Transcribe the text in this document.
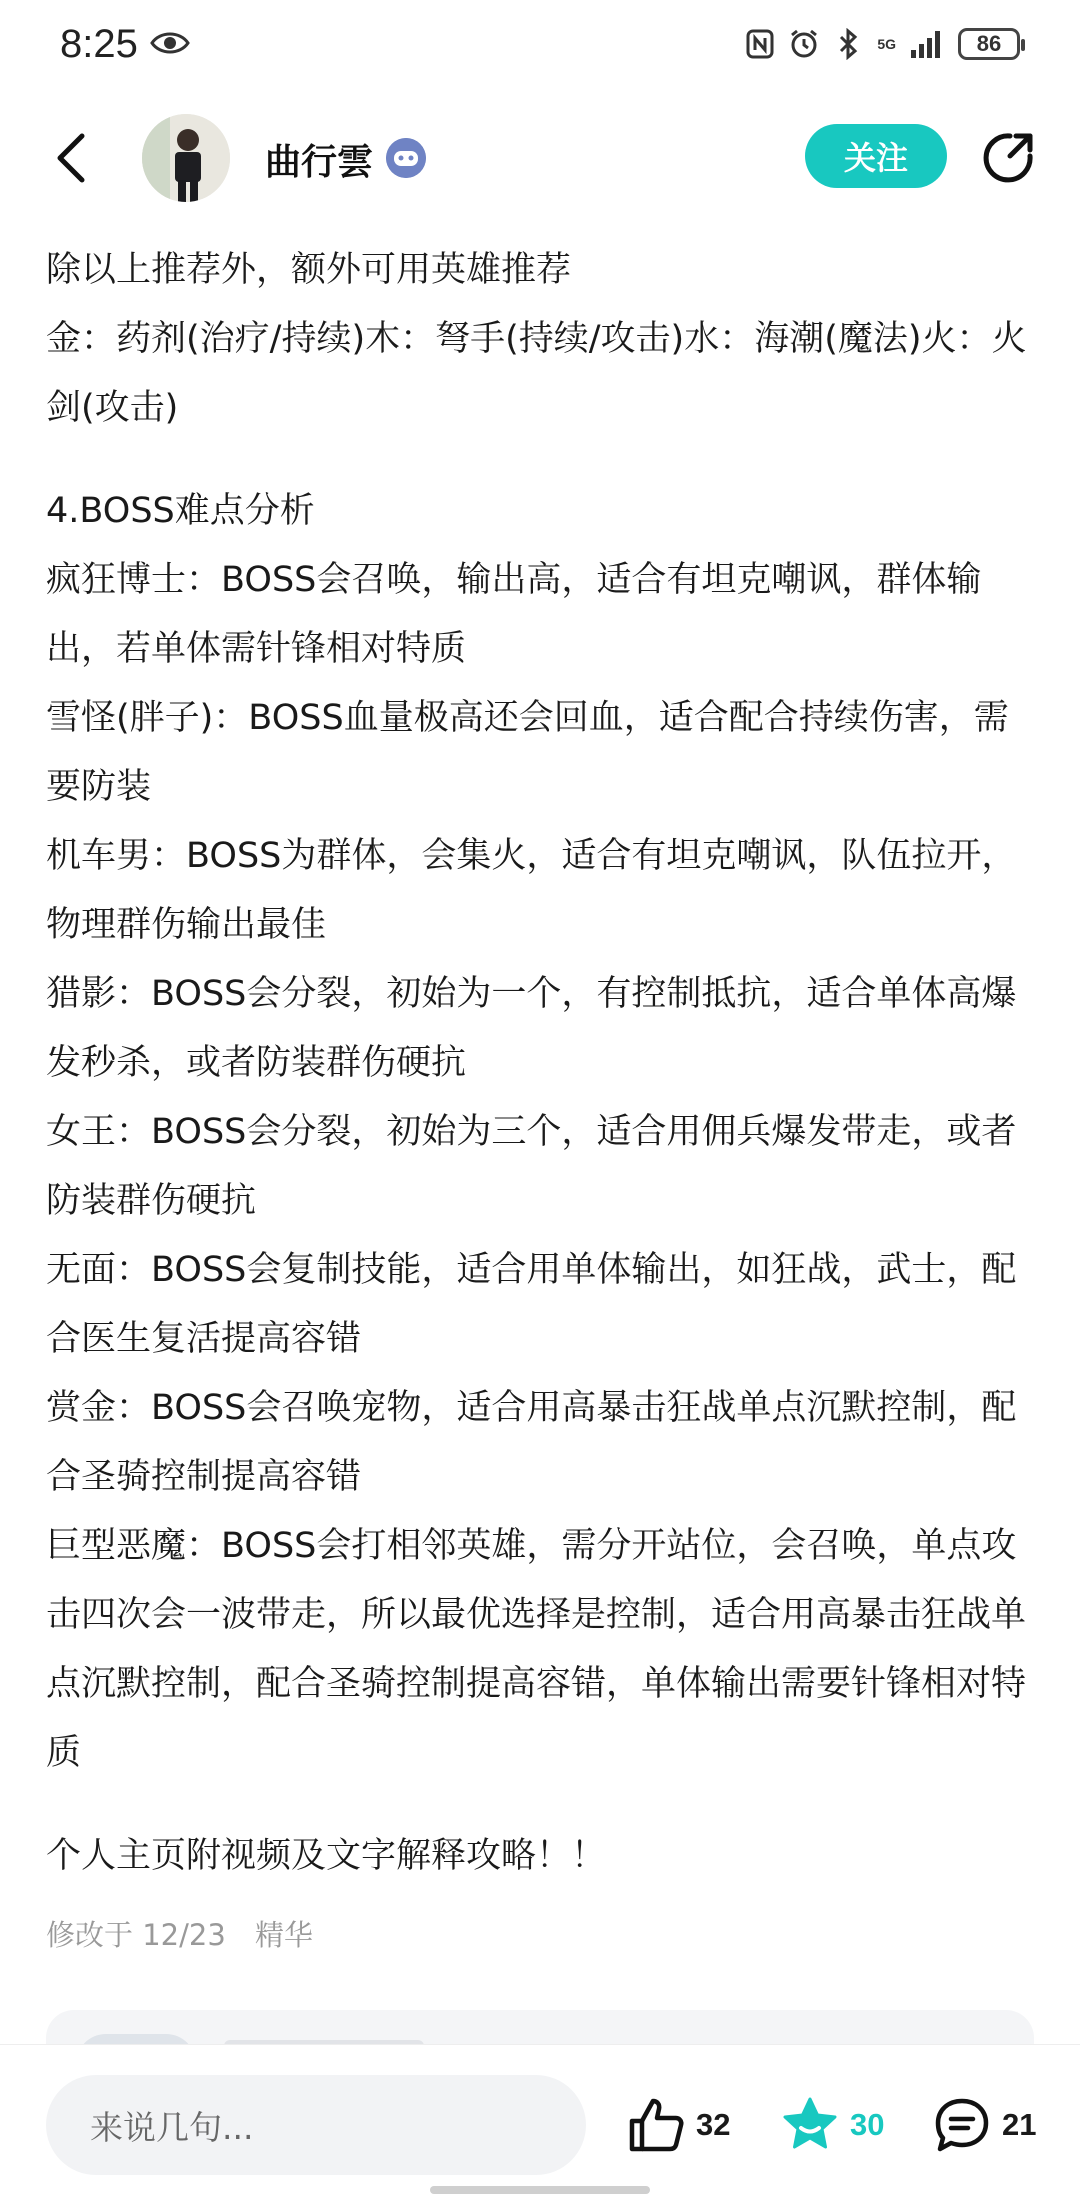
8:25	5G	86
曲行雲	关注

除以上推荐外，额外可用英雄推荐

金：药剂(治疗/持续)木：弩手(持续/攻击)水：海潮(魔法)火：火剑(攻击)

4.BOSS难点分析

疯狂博士：BOSS会召唤，输出高，适合有坦克嘲讽，群体输出，若单体需针锋相对特质

雪怪(胖子)：BOSS血量极高还会回血，适合配合持续伤害，需要防装

机车男：BOSS为群体，会集火，适合有坦克嘲讽，队伍拉开，物理群伤输出最佳

猎影：BOSS会分裂，初始为一个，有控制抵抗，适合单体高爆发秒杀，或者防装群伤硬抗

女王：BOSS会分裂，初始为三个，适合用佣兵爆发带走，或者防装群伤硬抗

无面：BOSS会复制技能，适合用单体输出，如狂战，武士，配合医生复活提高容错

赏金：BOSS会召唤宠物，适合用高暴击狂战单点沉默控制，配合圣骑控制提高容错

巨型恶魔：BOSS会打相邻英雄，需分开站位，会召唤，单点攻击四次会一波带走，所以最优选择是控制，适合用高暴击狂战单点沉默控制，配合圣骑控制提高容错，单体输出需要针锋相对特质

个人主页附视频及文字解释攻略！！

修改于 12/23 精华
来说几句...	32	30	21
